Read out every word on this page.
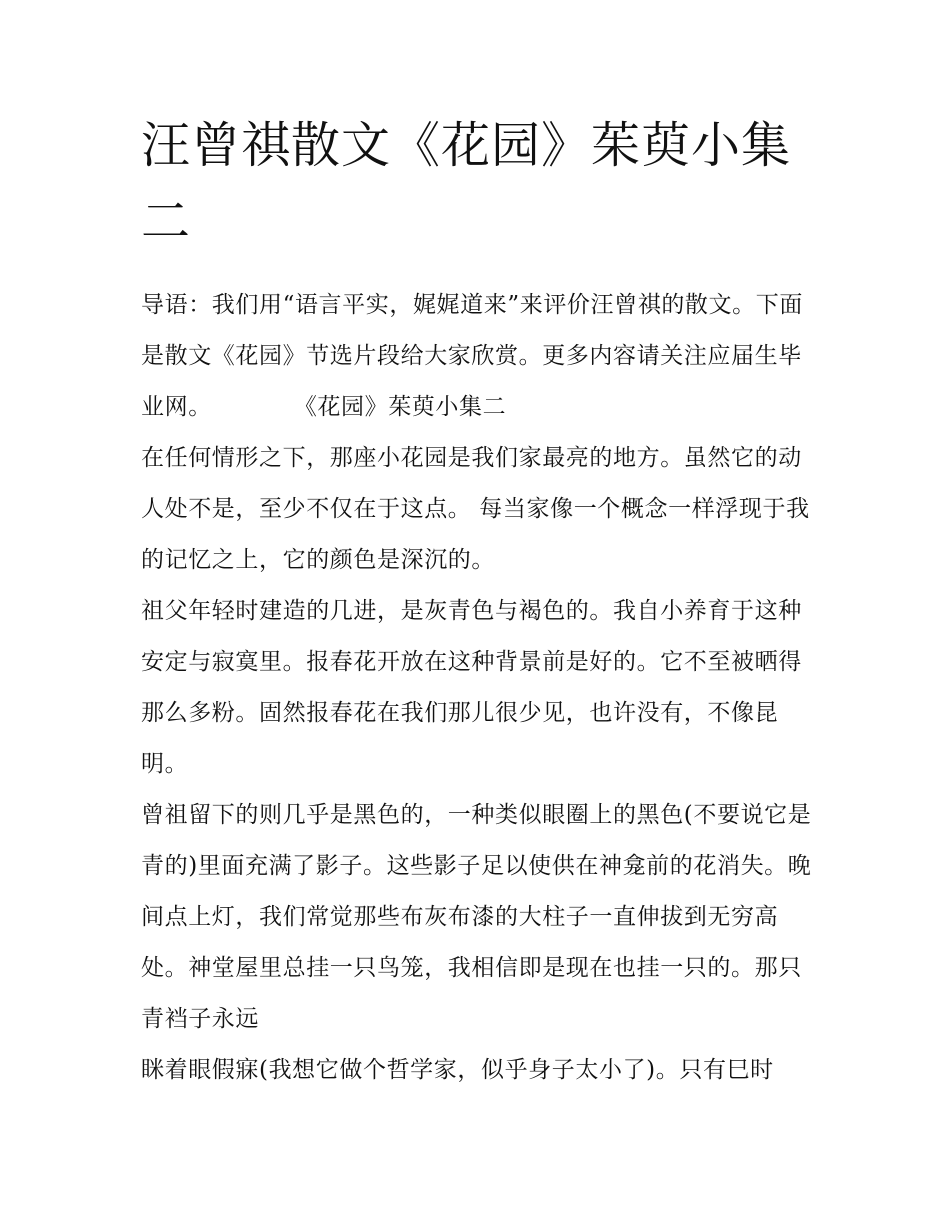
汪曾祺散文《花园》茱萸小集二

导语：我们用“语言平实，娓娓道来”来评价汪曾祺的散文。下面是散文《花园》节选片段给大家欣赏。更多内容请关注应届生毕业网。	《花园》茱萸小集二

在任何情形之下，那座小花园是我们家最亮的地方。虽然它的动人处不是，至少不仅在于这点。 每当家像一个概念一样浮现于我的记忆之上，它的颜色是深沉的。

祖父年轻时建造的几进，是灰青色与褐色的。我自小养育于这种安定与寂寞里。报春花开放在这种背景前是好的。它不至被晒得那么多粉。固然报春花在我们那儿很少见，也许没有，不像昆明。

曾祖留下的则几乎是黑色的，一种类似眼圈上的黑色(不要说它是青的)里面充满了影子。这些影子足以使供在神龛前的花消失。晚间点上灯，我们常觉那些布灰布漆的大柱子一直伸拔到无穷高处。神堂屋里总挂一只鸟笼，我相信即是现在也挂一只的。那只青裆子永远

眯着眼假寐(我想它做个哲学家，似乎身子太小了)。只有巳时
